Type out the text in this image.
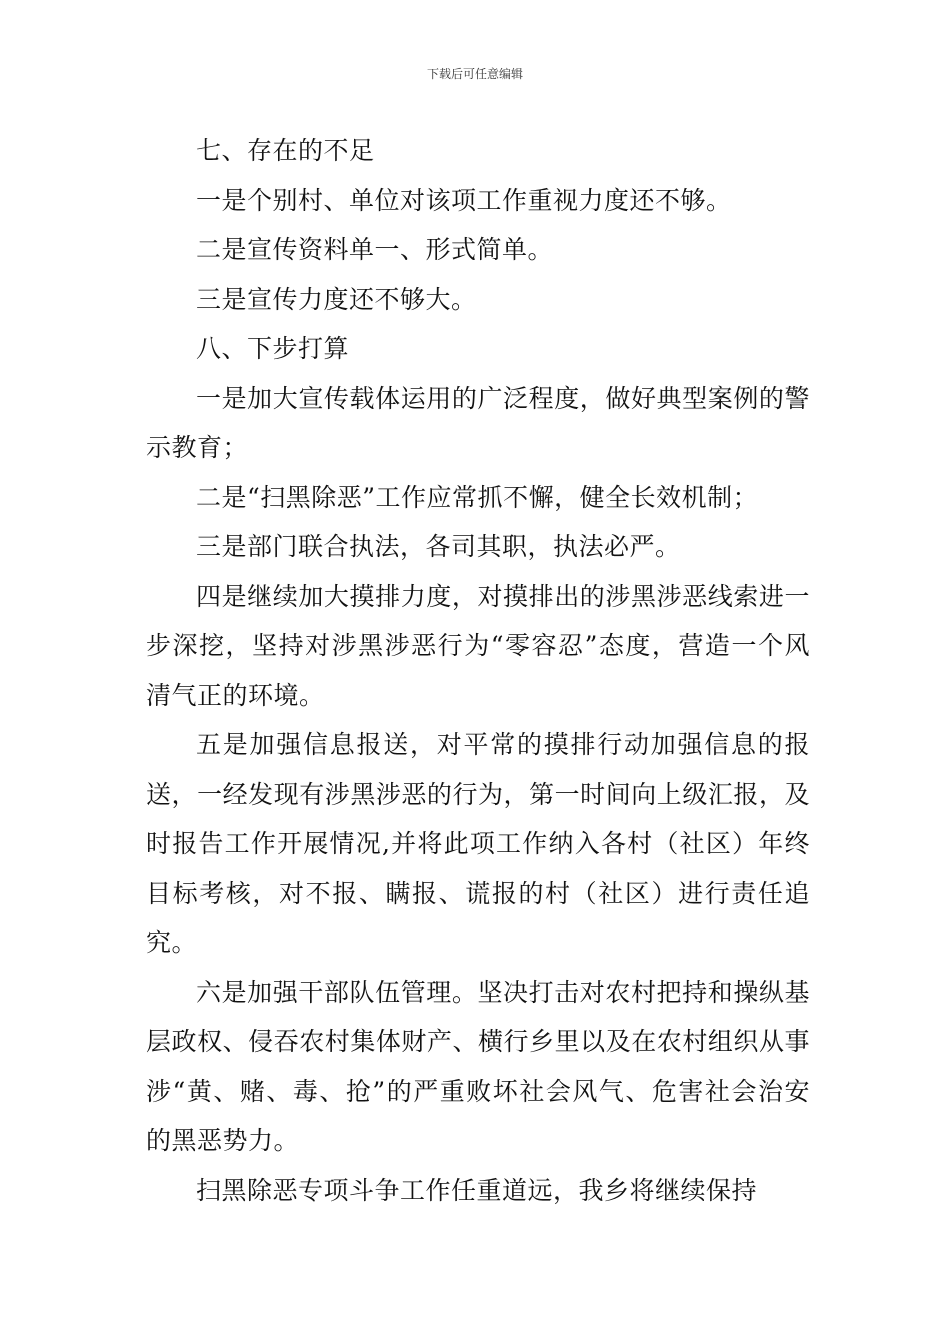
下载后可任意编辑

七、存在的不足

一是个别村、单位对该项工作重视力度还不够。

二是宣传资料单一、形式简单。

三是宣传力度还不够大。

八、下步打算

一是加大宣传载体运用的广泛程度，做好典型案例的警示教育；

二是“扫黑除恶”工作应常抓不懈，健全长效机制；

三是部门联合执法，各司其职，执法必严。

四是继续加大摸排力度，对摸排出的涉黑涉恶线索进一步深挖，坚持对涉黑涉恶行为“零容忍”态度，营造一个风清气正的环境。

五是加强信息报送，对平常的摸排行动加强信息的报送，一经发现有涉黑涉恶的行为，第一时间向上级汇报，及时报告工作开展情况,并将此项工作纳入各村（社区）年终目标考核，对不报、瞒报、谎报的村（社区）进行责任追究。

六是加强干部队伍管理。坚决打击对农村把持和操纵基层政权、侵吞农村集体财产、横行乡里以及在农村组织从事涉“黄、赌、毒、抢”的严重败坏社会风气、危害社会治安的黑恶势力。

扫黑除恶专项斗争工作任重道远，我乡将继续保持
